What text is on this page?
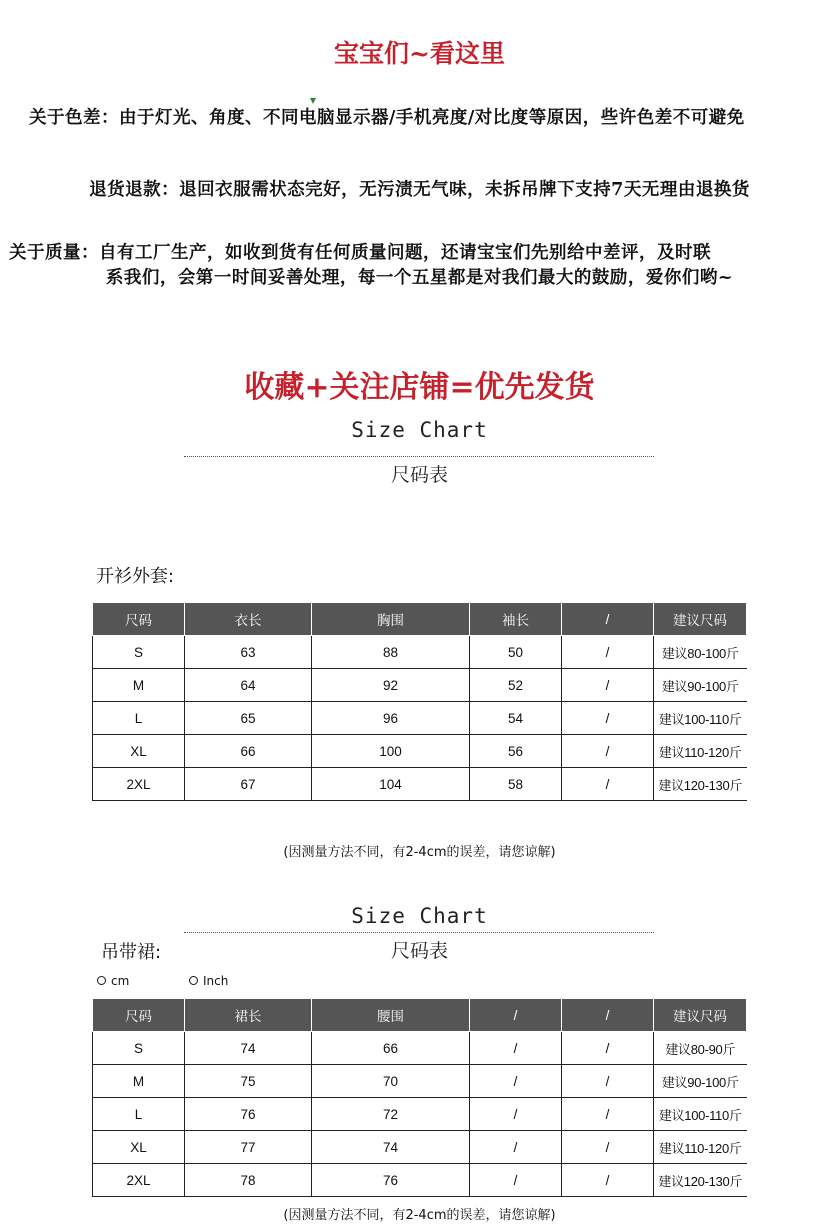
宝宝们~看这里
关于色差：由于灯光、角度、不同电脑显示器/手机亮度/对比度等原因，些许色差不可避免
退货退款：退回衣服需状态完好，无污渍无气味，未拆吊牌下支持7天无理由退换货
关于质量：自有工厂生产，如收到货有任何质量问题，还请宝宝们先别给中差评，及时联
系我们，会第一时间妥善处理，每一个五星都是对我们最大的鼓励，爱你们哟~
收藏+关注店铺=优先发货
Size Chart
尺码表
开衫外套:
尺码	衣长	胸围	袖长	/	建议尺码
S	63	88	50	/	建议80-100斤
M	64	92	52	/	建议90-100斤
L	65	96	54	/	建议100-110斤
XL	66	100	56	/	建议110-120斤
2XL	67	104	58	/	建议120-130斤
(因测量方法不同，有2-4cm的误差，请您谅解)
Size Chart
尺码表
吊带裙:
cm	Inch
尺码	裙长	腰围	/	/	建议尺码
S	74	66	/	/	建议80-90斤
M	75	70	/	/	建议90-100斤
L	76	72	/	/	建议100-110斤
XL	77	74	/	/	建议110-120斤
2XL	78	76	/	/	建议120-130斤
(因测量方法不同，有2-4cm的误差，请您谅解)
